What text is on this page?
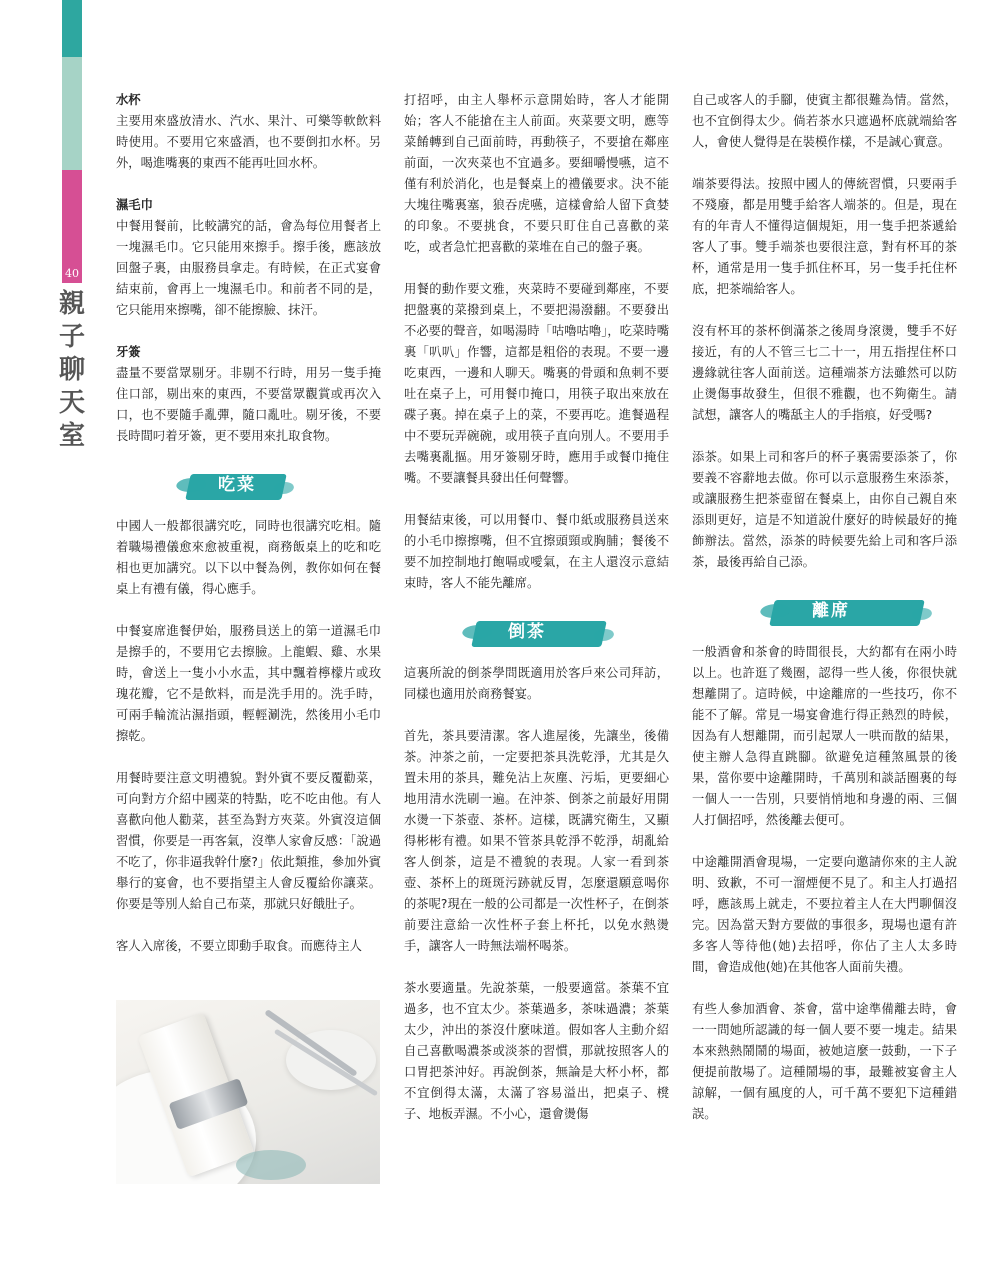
40
親
子
聊
天
室

水杯

主要用來盛放清水、汽水、果汁、可樂等軟飲料時使用。不要用它來盛酒，也不要倒扣水杯。另外，喝進嘴裏的東西不能再吐回水杯。

濕毛巾

中餐用餐前，比較講究的話，會為每位用餐者上一塊濕毛巾。它只能用來擦手。擦手後，應該放回盤子裏，由服務員拿走。有時候，在正式宴會結束前，會再上一塊濕毛巾。和前者不同的是，它只能用來擦嘴，卻不能擦臉、抹汗。

牙簽

盡量不要當眾剔牙。非剔不行時，用另一隻手掩住口部，剔出來的東西，不要當眾觀賞或再次入口，也不要隨手亂彈，隨口亂吐。剔牙後，不要長時間叼着牙簽，更不要用來扎取食物。

吃菜

中國人一般都很講究吃，同時也很講究吃相。隨着職場禮儀愈來愈被重視，商務飯桌上的吃和吃相也更加講究。以下以中餐為例，教你如何在餐桌上有禮有儀，得心應手。

中餐宴席進餐伊始，服務員送上的第一道濕毛巾是擦手的，不要用它去擦臉。上龍蝦、雞、水果時，會送上一隻小小水盂，其中飄着檸檬片或玫瑰花瓣，它不是飲料，而是洗手用的。洗手時，可兩手輪流沾濕指頭，輕輕涮洗，然後用小毛巾擦乾。

用餐時要注意文明禮貌。對外賓不要反覆勸菜，可向對方介紹中國菜的特點，吃不吃由他。有人喜歡向他人勸菜，甚至為對方夾菜。外賓沒這個習慣，你要是一再客氣，沒準人家會反感：「說過不吃了，你非逼我幹什麼?」依此類推，參加外賓舉行的宴會，也不要指望主人會反覆給你讓菜。你要是等別人給自己布菜，那就只好餓肚子。

客人入席後，不要立即動手取食。而應待主人

打招呼，由主人舉杯示意開始時，客人才能開始；客人不能搶在主人前面。夾菜要文明，應等菜餚轉到自己面前時，再動筷子，不要搶在鄰座前面，一次夾菜也不宜過多。要細嚼慢嚥，這不僅有利於消化，也是餐桌上的禮儀要求。決不能大塊往嘴裏塞，狼吞虎嚥，這樣會給人留下貪婪的印象。不要挑食，不要只盯住自己喜歡的菜吃，或者急忙把喜歡的菜堆在自己的盤子裏。

用餐的動作要文雅，夾菜時不要碰到鄰座，不要把盤裏的菜撥到桌上，不要把湯潑翻。不要發出不必要的聲音，如喝湯時「咕嚕咕嚕」，吃菜時嘴裏「叭叭」作響，這都是粗俗的表現。不要一邊吃東西，一邊和人聊天。嘴裏的骨頭和魚刺不要吐在桌子上，可用餐巾掩口，用筷子取出來放在碟子裏。掉在桌子上的菜，不要再吃。進餐過程中不要玩弄碗碗，或用筷子直向別人。不要用手去嘴裏亂摳。用牙簽剔牙時，應用手或餐巾掩住嘴。不要讓餐具發出任何聲響。

用餐結束後，可以用餐巾、餐巾紙或服務員送來的小毛巾擦擦嘴，但不宜擦頭頸或胸脯；餐後不要不加控制地打飽嗝或噯氣，在主人還沒示意結束時，客人不能先離席。

倒茶

這裏所說的倒茶學問既適用於客戶來公司拜訪，同樣也適用於商務餐宴。

首先，茶具要清潔。客人進屋後，先讓坐，後備茶。沖茶之前，一定要把茶具洗乾淨，尤其是久置未用的茶具，難免沾上灰塵、污垢，更要細心地用清水洗刷一遍。在沖茶、倒茶之前最好用開水燙一下茶壺、茶杯。這樣，既講究衛生，又顯得彬彬有禮。如果不管茶具乾淨不乾淨，胡亂給客人倒茶，這是不禮貌的表現。人家一看到茶壺、茶杯上的斑斑污跡就反胃，怎麼還願意喝你的茶呢?現在一般的公司都是一次性杯子，在倒茶前要注意給一次性杯子套上杯托，以免水熱燙手，讓客人一時無法端杯喝茶。

茶水要適量。先說茶葉，一般要適當。茶葉不宜過多，也不宜太少。茶葉過多，茶味過濃；茶葉太少，沖出的茶沒什麼味道。假如客人主動介紹自己喜歡喝濃茶或淡茶的習慣，那就按照客人的口胃把茶沖好。再說倒茶，無論是大杯小杯，都不宜倒得太滿，太滿了容易溢出，把桌子、櫈子、地板弄濕。不小心，還會燙傷

自己或客人的手腳，使賓主都很難為情。當然，也不宜倒得太少。倘若茶水只遮過杯底就端給客人，會使人覺得是在裝模作樣，不是誠心實意。

端茶要得法。按照中國人的傳統習慣，只要兩手不殘廢，都是用雙手給客人端茶的。但是，現在有的年青人不懂得這個規矩，用一隻手把茶遞給客人了事。雙手端茶也要很注意，對有杯耳的茶杯，通常是用一隻手抓住杯耳，另一隻手托住杯底，把茶端給客人。

沒有杯耳的茶杯倒滿茶之後周身滾燙，雙手不好接近，有的人不管三七二十一，用五指捏住杯口邊緣就往客人面前送。這種端茶方法雖然可以防止燙傷事故發生，但很不雅觀，也不夠衛生。請試想，讓客人的嘴舐主人的手指痕，好受嗎?

添茶。如果上司和客戶的杯子裏需要添茶了，你要義不容辭地去做。你可以示意服務生來添茶，或讓服務生把茶壺留在餐桌上，由你自己親自來添則更好，這是不知道說什麼好的時候最好的掩飾辦法。當然，添茶的時候要先給上司和客戶添茶，最後再給自己添。

離席

一般酒會和茶會的時間很長，大約都有在兩小時以上。也許逛了幾圈，認得一些人後，你很快就想離開了。這時候，中途離席的一些技巧，你不能不了解。常見一場宴會進行得正熱烈的時候，因為有人想離開，而引起眾人一哄而散的結果，使主辦人急得直跳腳。欲避免這種煞風景的後果，當你要中途離開時，千萬別和談話圈裏的每一個人一一告別，只要悄悄地和身邊的兩、三個人打個招呼，然後離去便可。

中途離開酒會現場，一定要向邀請你來的主人說明、致歉，不可一溜煙便不見了。和主人打過招呼，應該馬上就走，不要拉着主人在大門聊個沒完。因為當天對方要做的事很多，現場也還有許多客人等待他(她)去招呼，你佔了主人太多時間，會造成他(她)在其他客人面前失禮。

有些人參加酒會、茶會，當中途準備離去時，會一一問她所認識的每一個人要不要一塊走。結果本來熱熱鬧鬧的場面，被她這麼一鼓動，一下子便提前散場了。這種鬧場的事，最難被宴會主人諒解，一個有風度的人，可千萬不要犯下這種錯誤。
